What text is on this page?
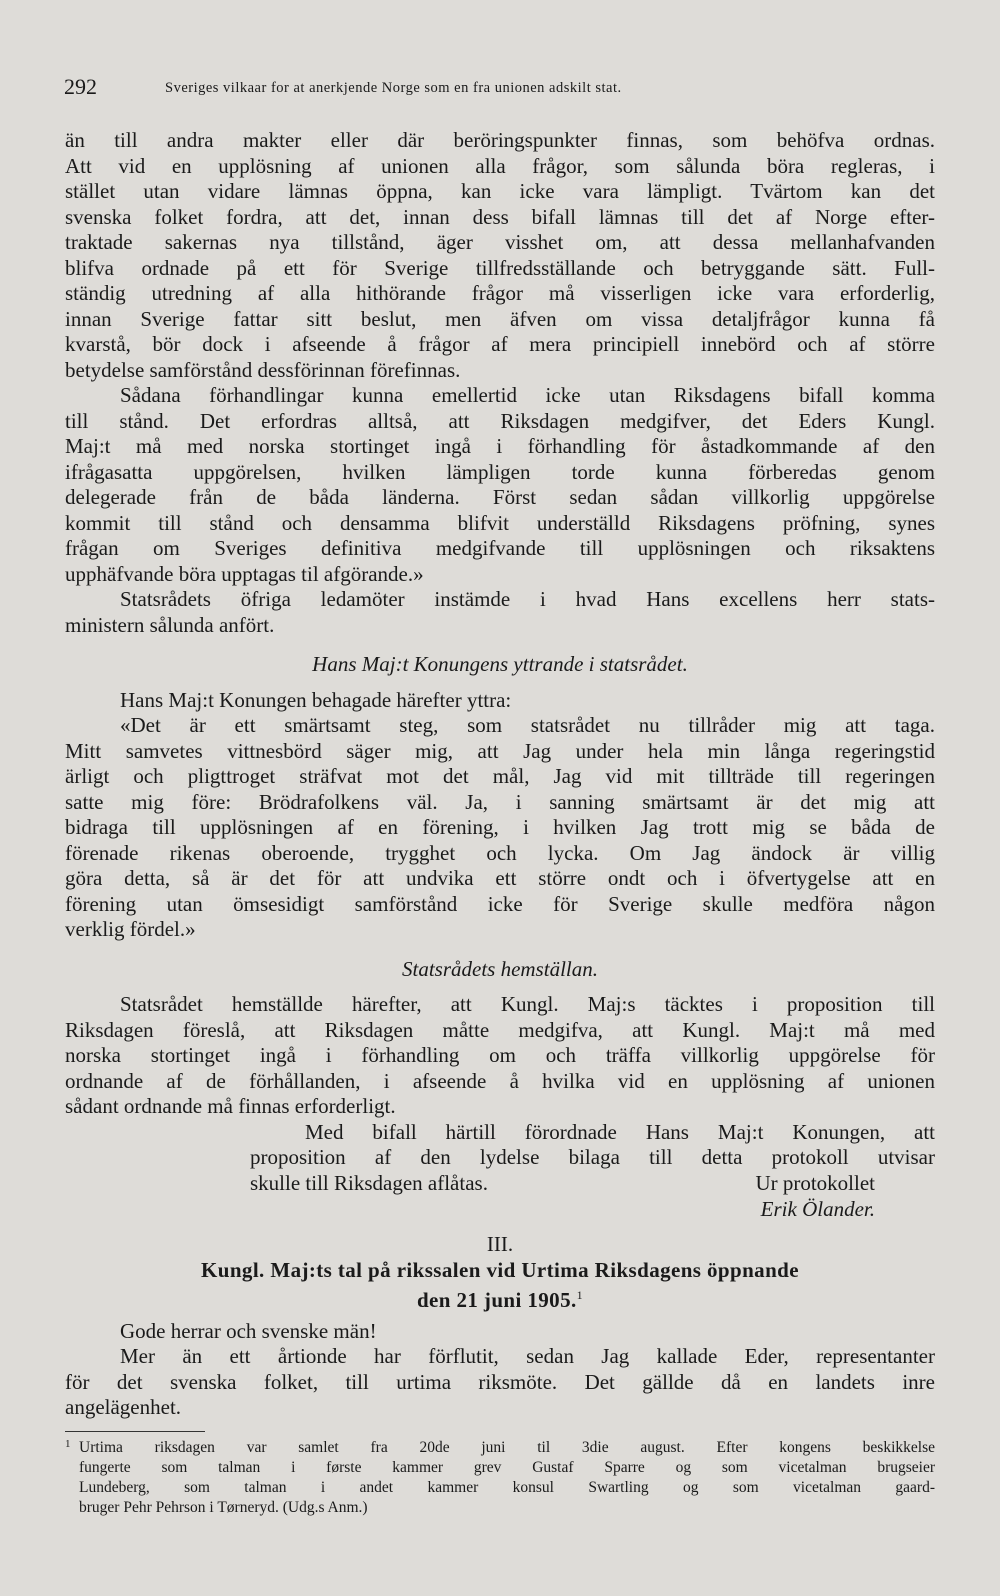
292	Sveriges vilkaar for at anerkjende Norge som en fra unionen adskilt stat.
än till andra makter eller där beröringspunkter finnas, som behöfva ordnas.
Att vid en upplösning af unionen alla frågor, som sålunda böra regleras, i
stället utan vidare lämnas öppna, kan icke vara lämpligt. Tvärtom kan det
svenska folket fordra, att det, innan dess bifall lämnas till det af Norge efter-
traktade sakernas nya tillstånd, äger visshet om, att dessa mellanhafvanden
blifva ordnade på ett för Sverige tillfredsställande och betryggande sätt. Full-
ständig utredning af alla hithörande frågor må visserligen icke vara erforderlig,
innan Sverige fattar sitt beslut, men äfven om vissa detaljfrågor kunna få
kvarstå, bör dock i afseende å frågor af mera principiell innebörd och af större
betydelse samförstånd dessförinnan förefinnas.
Sådana förhandlingar kunna emellertid icke utan Riksdagens bifall komma
till stånd. Det erfordras alltså, att Riksdagen medgifver, det Eders Kungl.
Maj:t må med norska stortinget ingå i förhandling för åstadkommande af den
ifrågasatta uppgörelsen, hvilken lämpligen torde kunna förberedas genom
delegerade från de båda länderna. Först sedan sådan villkorlig uppgörelse
kommit till stånd och densamma blifvit underställd Riksdagens pröfning, synes
frågan om Sveriges definitiva medgifvande till upplösningen och riksaktens
upphäfvande böra upptagas til afgörande.»
Statsrådets öfriga ledamöter instämde i hvad Hans excellens herr stats-
ministern sålunda anfört.
Hans Maj:t Konungens yttrande i statsrådet.
Hans Maj:t Konungen behagade härefter yttra:
«Det är ett smärtsamt steg, som statsrådet nu tillråder mig att taga.
Mitt samvetes vittnesbörd säger mig, att Jag under hela min långa regeringstid
ärligt och pligttroget sträfvat mot det mål, Jag vid mit tillträde till regeringen
satte mig före: Brödrafolkens väl. Ja, i sanning smärtsamt är det mig att
bidraga till upplösningen af en förening, i hvilken Jag trott mig se båda de
förenade rikenas oberoende, trygghet och lycka. Om Jag ändock är villig
göra detta, så är det för att undvika ett större ondt och i öfvertygelse att en
förening utan ömsesidigt samförstånd icke för Sverige skulle medföra någon
verklig fördel.»
Statsrådets hemställan.
Statsrådet hemställde härefter, att Kungl. Maj:s täcktes i proposition till
Riksdagen föreslå, att Riksdagen måtte medgifva, att Kungl. Maj:t må med
norska stortinget ingå i förhandling om och träffa villkorlig uppgörelse för
ordnande af de förhållanden, i afseende å hvilka vid en upplösning af unionen
sådant ordnande må finnas erforderligt.
Med bifall härtill förordnade Hans Maj:t Konungen, att
proposition af den lydelse bilaga till detta protokoll utvisar
skulle till Riksdagen aflåtas.	Ur protokollet
Erik Ölander.
III.
Kungl. Maj:ts tal på rikssalen vid Urtima Riksdagens öppnande
den 21 juni 1905.$^1$
Gode herrar och svenske män!
Mer än ett årtionde har förflutit, sedan Jag kallade Eder, representanter
för det svenska folket, till urtima riksmöte. Det gällde då en landets inre
angelägenhet.
1 Urtima riksdagen var samlet fra 20de juni til 3die august. Efter kongens beskikkelse
fungerte som talman i første kammer grev Gustaf Sparre og som vicetalman brugseier
Lundeberg, som talman i andet kammer konsul Swartling og som vicetalman gaard-
bruger Pehr Pehrson i Tørneryd. (Udg.s Anm.)
